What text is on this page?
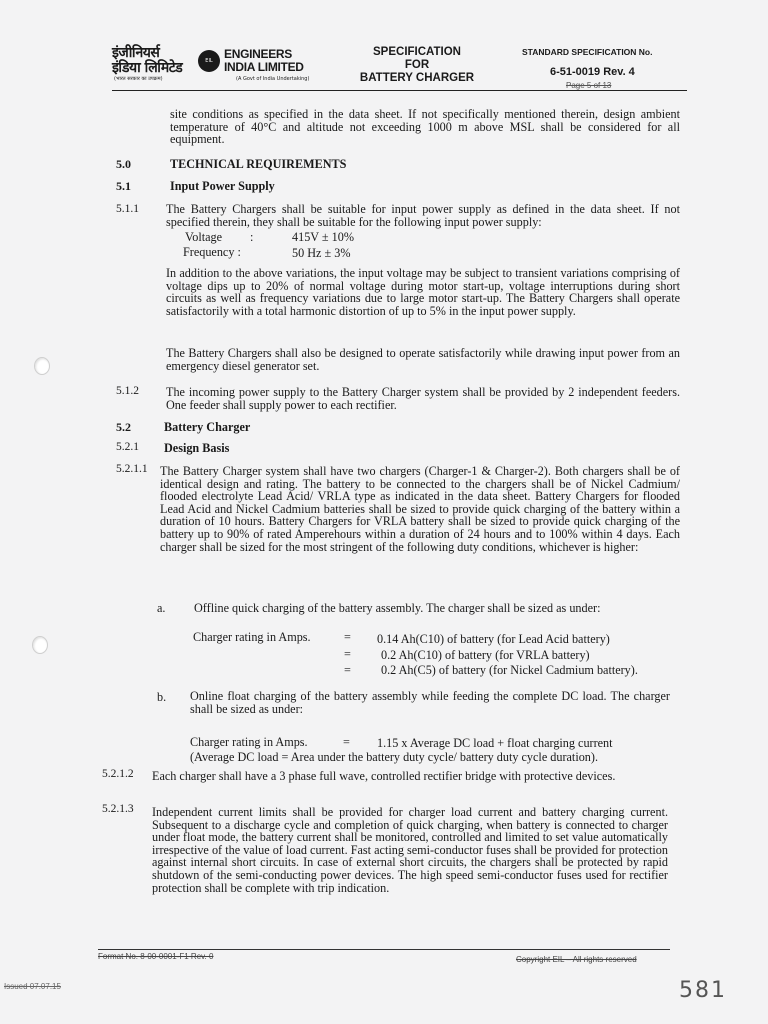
इंजीनियर्स
इंडिया लिमिटेड
(भारत सरकार का उपक्रम)
EIL ENGINEERS
INDIA LIMITED
(A Govt of India Undertaking)
SPECIFICATION
FOR
BATTERY CHARGER
STANDARD SPECIFICATION No.
6-51-0019 Rev. 4
Page 5 of 13
site conditions as specified in the data sheet. If not specifically mentioned therein, design ambient temperature of 40°C and altitude not exceeding 1000 m above MSL shall be considered for all equipment.
5.0	TECHNICAL REQUIREMENTS
5.1	Input Power Supply
5.1.1 The Battery Chargers shall be suitable for input power supply as defined in the data sheet. If not specified therein, they shall be suitable for the following input power supply:
Voltage :	415V ± 10%
Frequency :	50 Hz ± 3%
In addition to the above variations, the input voltage may be subject to transient variations comprising of voltage dips up to 20% of normal voltage during motor start-up, voltage interruptions during short circuits as well as frequency variations due to large motor start-up. The Battery Chargers shall operate satisfactorily with a total harmonic distortion of up to 5% in the input power supply.
The Battery Chargers shall also be designed to operate satisfactorily while drawing input power from an emergency diesel generator set.
5.1.2 The incoming power supply to the Battery Charger system shall be provided by 2 independent feeders. One feeder shall supply power to each rectifier.
5.2	Battery Charger
5.2.1 Design Basis
5.2.1.1 The Battery Charger system shall have two chargers (Charger-1 & Charger-2). Both chargers shall be of identical design and rating. The battery to be connected to the chargers shall be of Nickel Cadmium/ flooded electrolyte Lead Acid/ VRLA type as indicated in the data sheet. Battery Chargers for flooded Lead Acid and Nickel Cadmium batteries shall be sized to provide quick charging of the battery within a duration of 10 hours. Battery Chargers for VRLA battery shall be sized to provide quick charging of the battery up to 90% of rated Amperehours within a duration of 24 hours and to 100% within 4 days. Each charger shall be sized for the most stringent of the following duty conditions, whichever is higher:
a. Offline quick charging of the battery assembly. The charger shall be sized as under:
Charger rating in Amps.	= 0.14 Ah(C10) of battery (for Lead Acid battery)
= 0.2 Ah(C10) of battery (for VRLA battery)
= 0.2 Ah(C5) of battery (for Nickel Cadmium battery).
b. Online float charging of the battery assembly while feeding the complete DC load. The charger shall be sized as under:
Charger rating in Amps.	= 1.15 x Average DC load + float charging current
(Average DC load = Area under the battery duty cycle/ battery duty cycle duration).
5.2.1.2 Each charger shall have a 3 phase full wave, controlled rectifier bridge with protective devices.
5.2.1.3 Independent current limits shall be provided for charger load current and battery charging current. Subsequent to a discharge cycle and completion of quick charging, when battery is connected to charger under float mode, the battery current shall be monitored, controlled and limited to set value automatically irrespective of the value of load current. Fast acting semi-conductor fuses shall be provided for protection against internal short circuits. In case of external short circuits, the chargers shall be protected by rapid shutdown of the semi-conducting power devices. The high speed semi-conductor fuses used for rectifier protection shall be complete with trip indication.
Format No. 8-00-0001-F1 Rev. 0	Copyright EIL – All rights reserved
Issued 07.07.15	581
